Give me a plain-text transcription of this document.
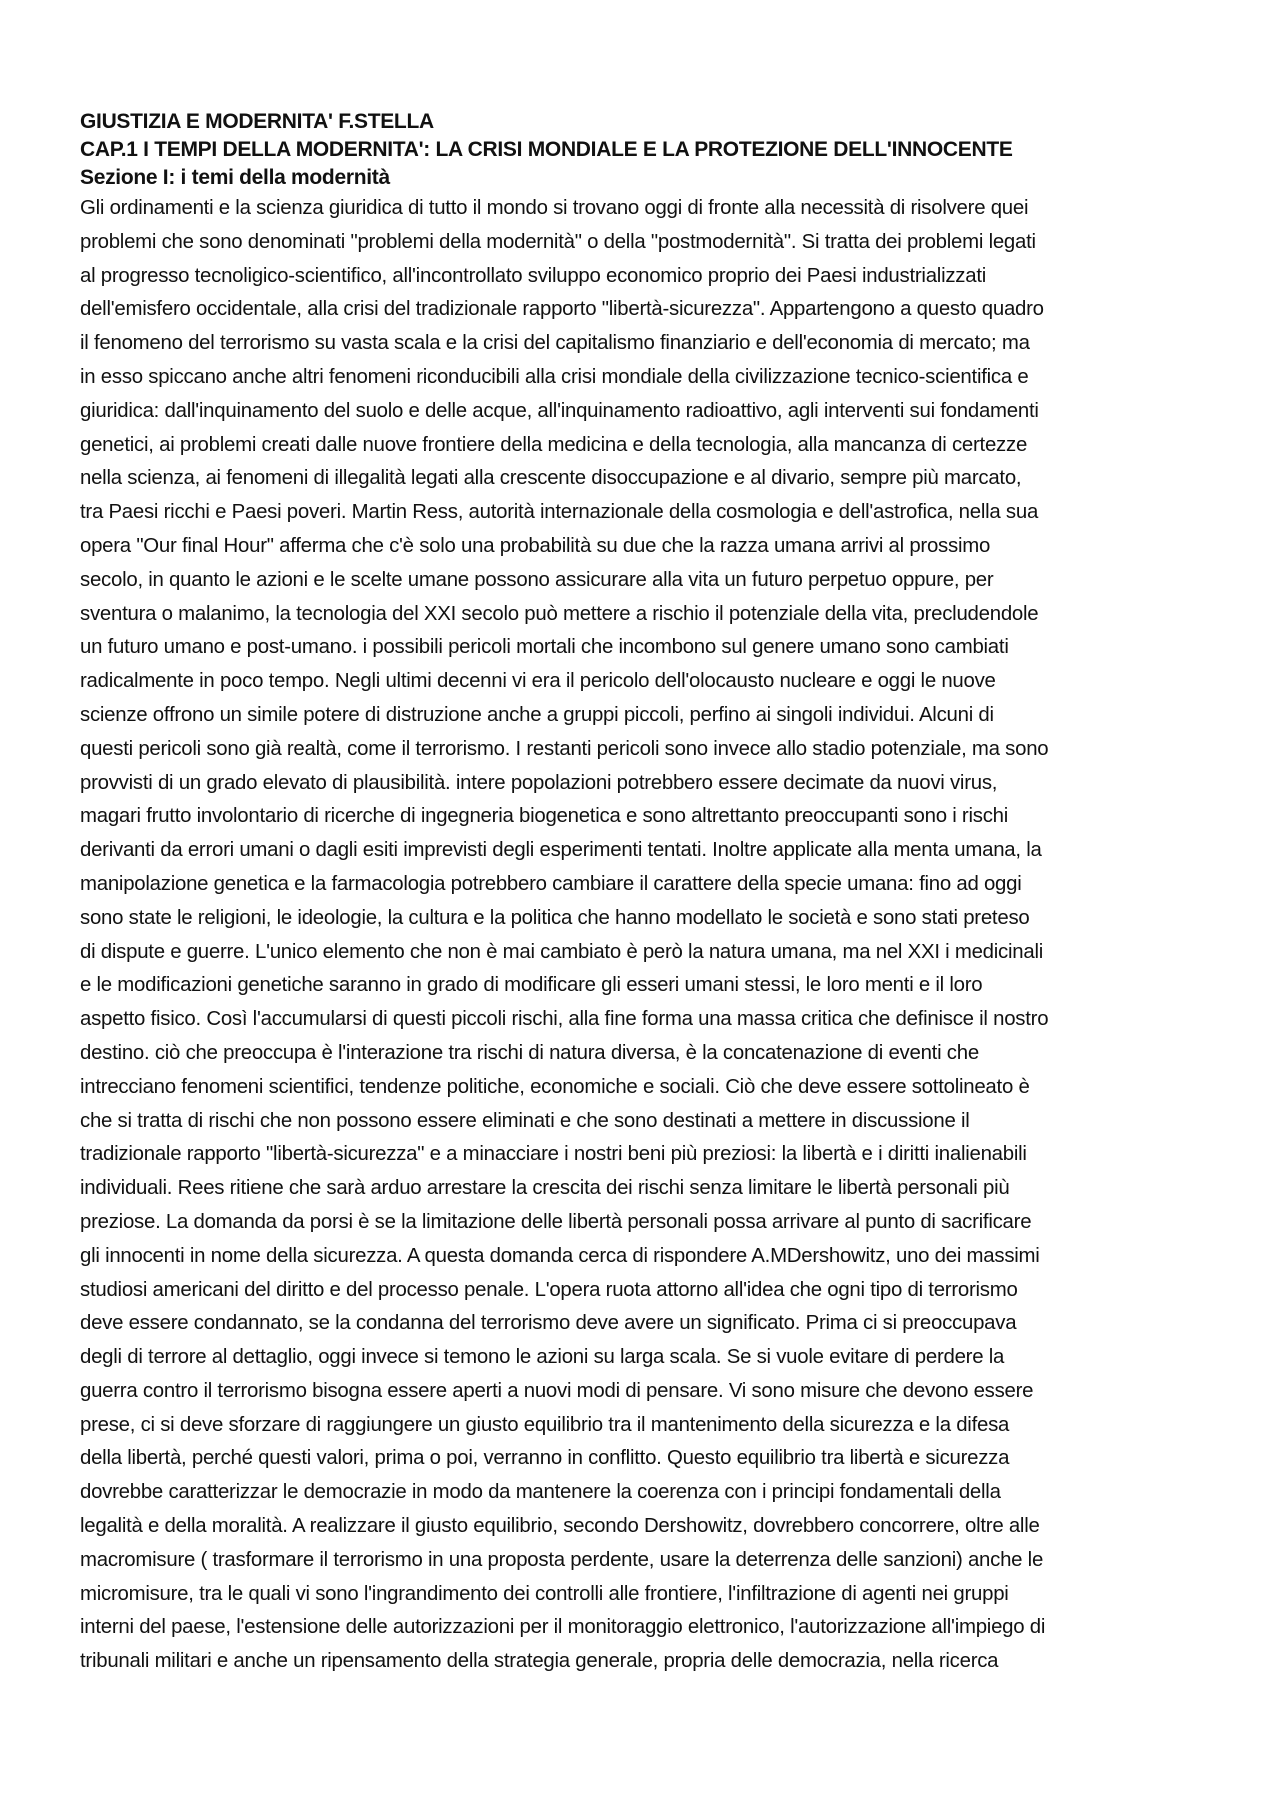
GIUSTIZIA E MODERNITA' F.STELLA
CAP.1 I TEMPI DELLA MODERNITA': LA CRISI MONDIALE E LA PROTEZIONE DELL'INNOCENTE
Sezione I: i temi della modernità

Gli ordinamenti e la scienza giuridica di tutto il mondo si trovano oggi di fronte alla necessità di risolvere quei
problemi che sono denominati "problemi della modernità" o della "postmodernità". Si tratta dei problemi legati
al progresso tecnoligico-scientifico, all'incontrollato sviluppo economico proprio dei Paesi industrializzati
dell'emisfero occidentale, alla crisi del tradizionale rapporto "libertà-sicurezza". Appartengono a questo quadro
il fenomeno del terrorismo su vasta scala e la crisi del capitalismo finanziario e dell'economia di mercato; ma
in esso spiccano anche altri fenomeni riconducibili alla crisi mondiale della civilizzazione tecnico-scientifica e
giuridica: dall'inquinamento del suolo e delle acque, all'inquinamento radioattivo, agli interventi sui fondamenti
genetici, ai problemi creati dalle nuove frontiere della medicina e della tecnologia, alla mancanza di certezze
nella scienza, ai fenomeni di illegalità legati alla crescente disoccupazione e al divario, sempre più marcato,
tra Paesi ricchi e Paesi poveri. Martin Ress, autorità internazionale della cosmologia e dell'astrofica, nella sua
opera "Our final Hour" afferma che c'è solo una probabilità su due che la razza umana arrivi al prossimo
secolo, in quanto le azioni e le scelte umane possono assicurare alla vita un futuro perpetuo oppure, per
sventura o malanimo, la tecnologia del XXI secolo può mettere a rischio il potenziale della vita, precludendole
un futuro umano e post-umano. i possibili pericoli mortali che incombono sul genere umano sono cambiati
radicalmente in poco tempo. Negli ultimi decenni vi era il pericolo dell'olocausto nucleare e oggi le nuove
scienze offrono un simile potere di distruzione anche a gruppi piccoli, perfino ai singoli individui. Alcuni di
questi pericoli sono già realtà, come il terrorismo. I restanti pericoli sono invece allo stadio potenziale, ma sono
provvisti di un grado elevato di plausibilità. intere popolazioni potrebbero essere decimate da nuovi virus,
magari frutto involontario di ricerche di ingegneria biogenetica e sono altrettanto preoccupanti sono i rischi
derivanti da errori umani o dagli esiti imprevisti degli esperimenti tentati. Inoltre applicate alla menta umana, la
manipolazione genetica e la farmacologia potrebbero cambiare il carattere della specie umana: fino ad oggi
sono state le religioni, le ideologie, la cultura e la politica che hanno modellato le società e sono stati preteso
di dispute e guerre. L'unico elemento che non è mai cambiato è però la natura umana, ma nel XXI i medicinali
e le modificazioni genetiche saranno in grado di modificare gli esseri umani stessi, le loro menti e il loro
aspetto fisico. Così l'accumularsi di questi piccoli rischi, alla fine forma una massa critica che definisce il nostro
destino. ciò che preoccupa è l'interazione tra rischi di natura diversa, è la concatenazione di eventi che
intrecciano fenomeni scientifici, tendenze politiche, economiche e sociali. Ciò che deve essere sottolineato è
che si tratta di rischi che non possono essere eliminati e che sono destinati a mettere in discussione il
tradizionale rapporto "libertà-sicurezza" e a minacciare i nostri beni più preziosi: la libertà e i diritti inalienabili
individuali. Rees ritiene che sarà arduo arrestare la crescita dei rischi senza limitare le libertà personali più
preziose. La domanda da porsi è se la limitazione delle libertà personali possa arrivare al punto di sacrificare
gli innocenti in nome della sicurezza. A questa domanda cerca di rispondere A.MDershowitz, uno dei massimi
studiosi americani del diritto e del processo penale. L'opera ruota attorno all'idea che ogni tipo di terrorismo
deve essere condannato, se la condanna del terrorismo deve avere un significato. Prima ci si preoccupava
degli di terrore al dettaglio, oggi invece si temono le azioni su larga scala. Se si vuole evitare di perdere la
guerra contro il terrorismo bisogna essere aperti a nuovi modi di pensare. Vi sono misure che devono essere
prese, ci si deve sforzare di raggiungere un giusto equilibrio tra il mantenimento della sicurezza e la difesa
della libertà, perché questi valori, prima o poi, verranno in conflitto. Questo equilibrio tra libertà e sicurezza
dovrebbe caratterizzar le democrazie in modo da mantenere la coerenza con i principi fondamentali della
legalità e della moralità. A realizzare il giusto equilibrio, secondo Dershowitz, dovrebbero concorrere, oltre alle
macromisure ( trasformare il terrorismo in una proposta perdente, usare la deterrenza delle sanzioni) anche le
micromisure, tra le quali vi sono l'ingrandimento dei controlli alle frontiere, l'infiltrazione di agenti nei gruppi
interni del paese, l'estensione delle autorizzazioni per il monitoraggio elettronico, l'autorizzazione all'impiego di
tribunali militari e anche un ripensamento della strategia generale, propria delle democrazia, nella ricerca
